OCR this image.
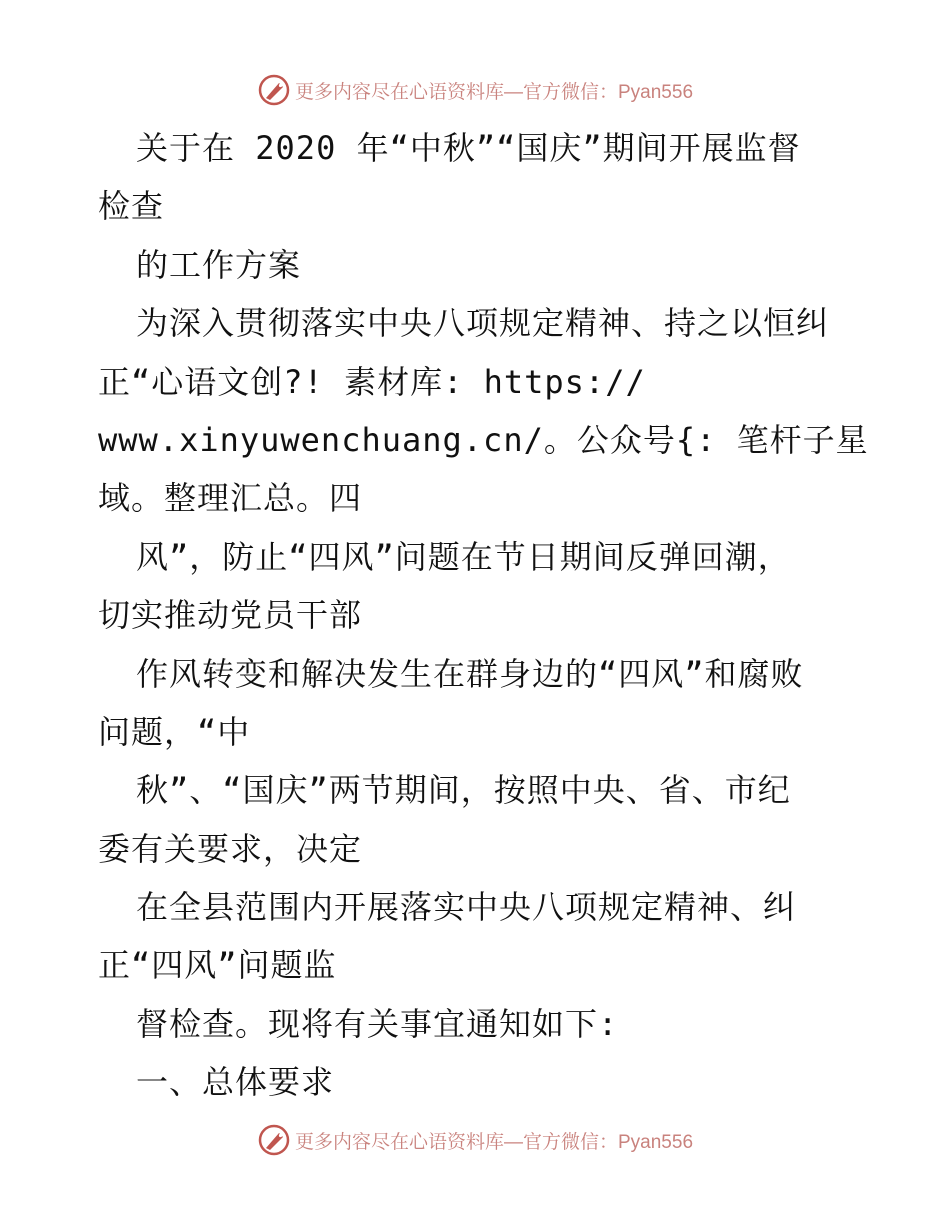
更多内容尽在心语资料库 —官方微信：Pyan556
关于在 2020 年“中秋”“国庆”期间开展监督
检查
的工作方案
为深入贯彻落实中央八项规定精神、持之以恒纠
正“心语文创?! 素材库: https://
www.xinyuwenchuang.cn/。公众号{: 笔杆子星
域。整理汇总。四
风”，防止“四风”问题在节日期间反弹回潮，
切实推动党员干部
作风转变和解决发生在群身边的“四风”和腐败
问题，“中
秋”、“国庆”两节期间，按照中央、省、市纪
委有关要求，决定
在全县范围内开展落实中央八项规定精神、纠
正“四风”问题监
督检查。现将有关事宜通知如下:
一、总体要求
更多内容尽在心语资料库 —官方微信：Pyan556
